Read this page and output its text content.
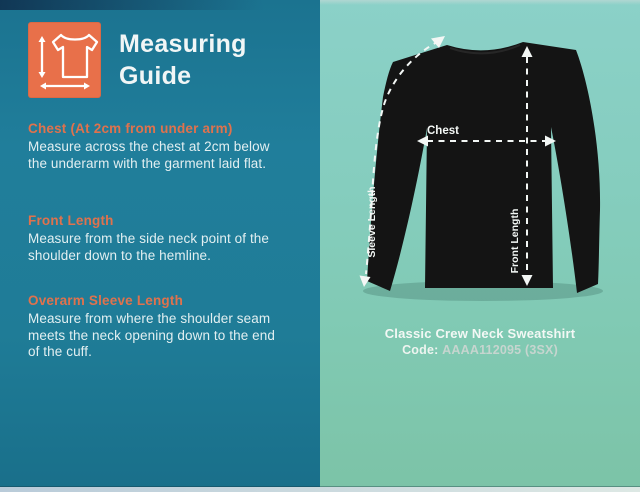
Measuring
Guide
Chest (At 2cm from under arm)
Measure across the chest at 2cm below
the underarm with the garment laid flat.
Front Length
Measure from the side neck point of the
shoulder down to the hemline.
Overarm Sleeve Length
Measure from where the shoulder seam
meets the neck opening down to the end
of the cuff.
Chest
Sleeve Length	Front Length
Classic Crew Neck Sweatshirt
Code: AAAA112095 (3SX)
